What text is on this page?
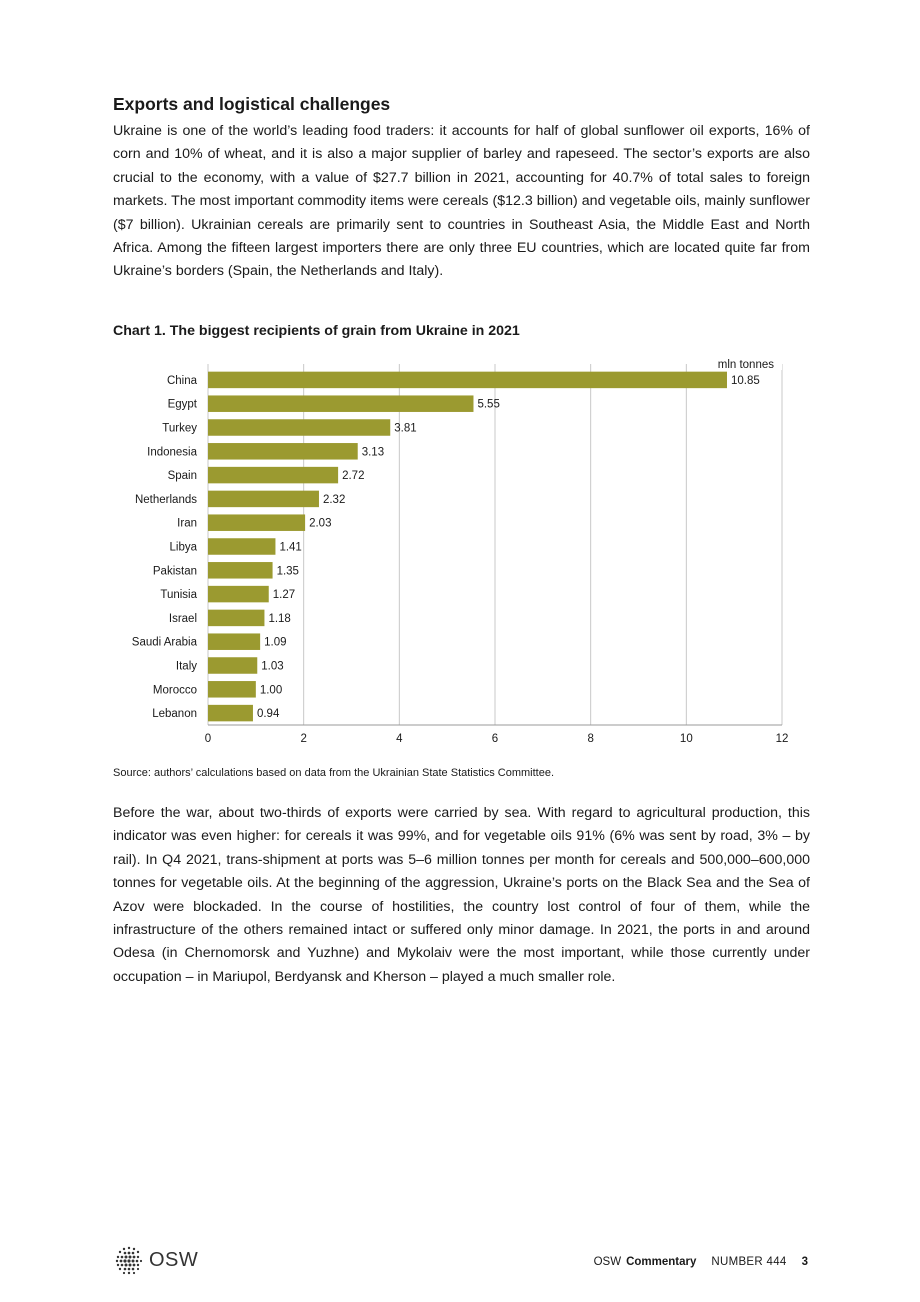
Exports and logistical challenges

Ukraine is one of the world’s leading food traders: it accounts for half of global sunflower oil exports, 16% of corn and 10% of wheat, and it is also a major supplier of barley and rapeseed. The sector’s exports are also crucial to the economy, with a value of $27.7 billion in 2021, accounting for 40.7% of total sales to foreign markets. The most important commodity items were cereals ($12.3 billion) and vegetable oils, mainly sunflower ($7 billion). Ukrainian cereals are primarily sent to countries in Southeast Asia, the Middle East and North Africa. Among the fifteen largest importers there are only three EU countries, which are located quite far from Ukraine’s borders (Spain, the Netherlands and Italy).

Chart 1. The biggest recipients of grain from Ukraine in 2021

0	2	4	6	8	10	12
mln tonnes
China	10.85
Egypt	5.55
Turkey	3.81
Indonesia	3.13
Spain	2.72
Netherlands	2.32
Iran	2.03
Libya	1.41
Pakistan	1.35
Tunisia	1.27
Israel	1.18
Saudi Arabia	1.09
Italy	1.03
Morocco	1.00
Lebanon	0.94

Source: authors’ calculations based on data from the Ukrainian State Statistics Committee.

Before the war, about two-thirds of exports were carried by sea. With regard to agricultural production, this indicator was even higher: for cereals it was 99%, and for vegetable oils 91% (6% was sent by road, 3% – by rail). In Q4 2021, trans-shipment at ports was 5–6 million tonnes per month for cereals and 500,000–600,000 tonnes for vegetable oils. At the beginning of the aggression, Ukraine’s ports on the Black Sea and the Sea of Azov were blockaded. In the course of hostilities, the country lost control of four of them, while the infrastructure of the others remained intact or suffered only minor damage. In 2021, the ports in and around Odesa (in Chernomorsk and Yuzhne) and Mykolaiv were the most important, while those currently under occupation – in Mariupol, Berdyansk and Kherson – played a much smaller role.

OSW	OSW Commentary NUMBER 444 3
